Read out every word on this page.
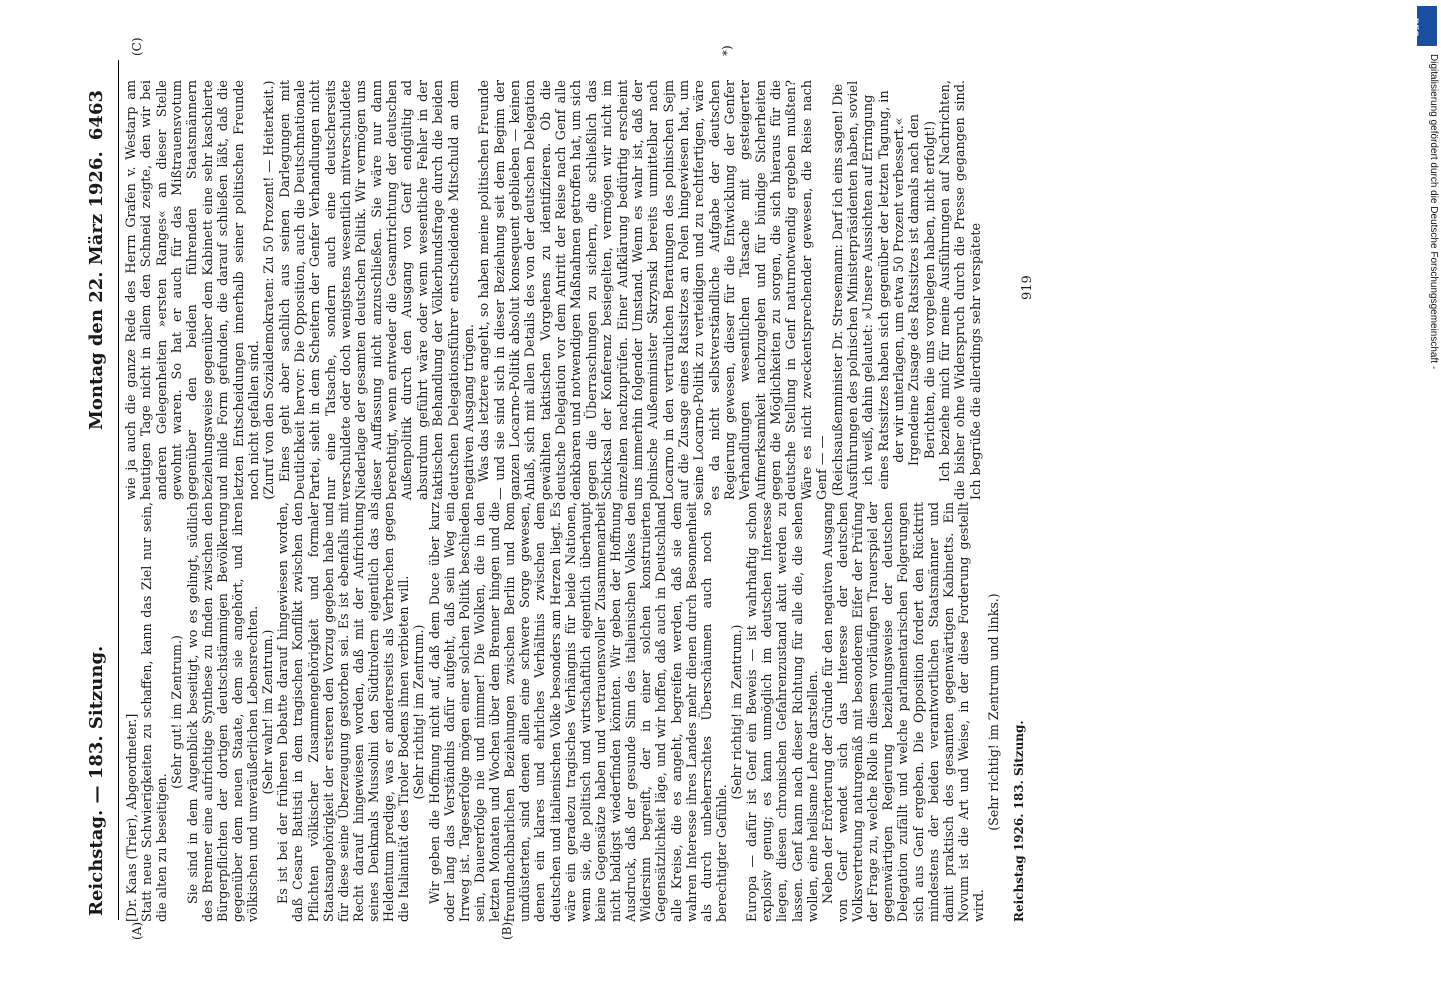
Reichstag. — 183. Sitzung.
Montag den 22. März 1926.
6463
(A)	(B)
(C)	*)

[Dr. Kaas (Trier), Abgeordneter.] Statt neue Schwierigkeiten zu schaffen, kann das Ziel nur sein, die alten zu beseitigen.

(Sehr gut! im Zentrum.) Sie sind in dem Augenblick beseitigt, wo es gelingt, südlich des Brenner eine aufrichtige Synthese zu finden zwischen den Bürgerpflichten der dortigen deutschstämmigen Bevölkerung gegenüber dem neuen Staate, dem sie angehört, und ihren völkischen und unveräußerlichen Lebensrechten. (Sehr wahr! im Zentrum.) Es ist bei der früheren Debatte darauf hingewiesen worden, daß Cesare Battisti in dem tragischen Konflikt zwischen den Pflichten völkischer Zusammengehörigkeit und formaler Staatsangehörigkeit der ersteren den Vorzug gegeben habe und für diese seine Überzeugung gestorben sei. Es ist ebenfalls mit Recht darauf hingewiesen worden, daß mit der Aufrichtung seines Denkmals Mussolini den Südtirolern eigentlich das als Heldentum predige, was er andererseits als Verbrechen gegen die Italianität des Tiroler Bodens ihnen verbieten will. (Sehr richtig! im Zentrum.) Wir geben die Hoffnung nicht auf, daß dem Duce über kurz oder lang das Verständnis dafür aufgeht, daß sein Weg ein Irrweg ist. Tageserfolge mögen einer solchen Politik beschieden sein, Dauererfolge nie und nimmer! Die Wolken, die in den letzten Monaten und Wochen über dem Brenner hingen und die freundnachbarlichen Beziehungen zwischen Berlin und Rom umdüsterten, sind denen allen eine schwere Sorge gewesen, denen ein klares und ehrliches Verhältnis zwischen dem deutschen und italienischen Volke besonders am Herzen liegt. Es wäre ein geradezu tragisches Verhängnis für beide Nationen, wenn sie, die politisch und wirtschaftlich eigentlich überhaupt keine Gegensätze haben und vertrauensvoller Zusammenarbeit nicht baldigst wiederfinden könnten. Wir geben der Hoffnung Ausdruck, daß der gesunde Sinn des italienischen Volkes den Widersinn begreift, der in einer solchen konstruierten Gegensätzlichkeit läge, und wir hoffen, daß auch in Deutschland alle Kreise, die es angeht, begreifen werden, daß sie dem wahren Interesse ihres Landes mehr dienen durch Besonnenheit als durch unbeherrschtes Überschäumen auch noch so berechtigter Gefühle.

(Sehr richtig! im Zentrum.) Europa — dafür ist Genf ein Beweis — ist wahrhaftig schon explosiv genug; es kann unmöglich im deutschen Interesse liegen, diesen chronischen Gefahrenzustand akut werden zu lassen. Genf kann nach dieser Richtung für alle die, die sehen wollen, eine heilsame Lehre darstellen. Neben der Erörterung der Gründe für den negativen Ausgang von Genf wendet sich das Interesse der deutschen Volksvertretung naturgemäß mit besonderem Eifer der Prüfung der Frage zu, welche Rolle in diesem vorläufigen Trauerspiel der gegenwärtigen Regierung beziehungsweise der deutschen Delegation zufällt und welche parlamentarischen Folgerungen sich aus Genf ergeben. Die Opposition fordert den Rücktritt mindestens der beiden verantwortlichen Staatsmänner und damit praktisch des gesamten gegenwärtigen Kabinetts. Ein Novum ist die Art und Weise, in der diese Forderung gestellt wird.

(Sehr richtig! im Zentrum und links.)

wie ja auch die ganze Rede des Herrn Grafen v. Westarp am heutigen Tage nicht in allem den Schneid zeigte, den wir bei anderen Gelegenheiten »ersten Ranges« an dieser Stelle gewohnt waren. So hat er auch für das Mißtrauensvotum gegenüber den beiden führenden Staatsmännern beziehungsweise gegenüber dem Kabinett eine sehr kaschierte und milde Form gefunden, die darauf schließen läßt, daß die letzten Entscheidungen innerhalb seiner politischen Freunde noch nicht gefallen sind. (Zuruf von den Sozialdemokraten: Zu 50 Prozent! — Heiterkeit.) Eines geht aber sachlich aus seinen Darlegungen mit Deutlichkeit hervor: Die Opposition, auch die Deutschnationale Partei, sieht in dem Scheitern der Genfer Verhandlungen nicht nur eine Tatsache, sondern auch eine deutscherseits verschuldete oder doch wenigstens wesentlich mitverschuldete Niederlage der gesamten deutschen Politik. Wir vermögen uns dieser Auffassung nicht anzuschließen. Sie wäre nur dann berechtigt, wenn entweder die Gesamtrichtung der deutschen Außenpolitik durch den Ausgang von Genf endgültig ad absurdum geführt wäre oder wenn wesentliche Fehler in der taktischen Behandlung der Völkerbundsfrage durch die beiden deutschen Delegationsführer entscheidende Mitschuld an dem negativen Ausgang trügen. Was das letztere angeht, so haben meine politischen Freunde — und sie sind sich in dieser Beziehung seit dem Beginn der ganzen Locarno-Politik absolut konsequent geblieben — keinen Anlaß, sich mit allen Details des von der deutschen Delegation gewählten taktischen Vorgehens zu identifizieren. Ob die deutsche Delegation vor dem Antritt der Reise nach Genf alle denkbaren und notwendigen Maßnahmen getroffen hat, um sich gegen die Überraschungen zu sichern, die schließlich das Schicksal der Konferenz besiegelten, vermögen wir nicht im einzelnen nachzuprüfen. Einer Aufklärung bedürftig erscheint uns immerhin folgender Umstand. Wenn es wahr ist, daß der polnische Außenminister Skrzynski bereits unmittelbar nach Locarno in den vertraulichen Beratungen des polnischen Sejm auf die Zusage eines Ratssitzes an Polen hingewiesen hat, um seine Locarno-Politik zu verteidigen und zu rechtfertigen, wäre es da nicht selbstverständliche Aufgabe der deutschen Regierung gewesen, dieser für die Entwicklung der Genfer Verhandlungen wesentlichen Tatsache mit gesteigerter Aufmerksamkeit nachzugehen und für bündige Sicherheiten gegen die Möglichkeiten zu sorgen, die sich hieraus für die deutsche Stellung in Genf naturnotwendig ergeben mußten? Wäre es nicht zweckentsprechender gewesen, die Reise nach Genf — — (Reichsaußenminister Dr. Stresemann: Darf ich eins sagen! Die Ausführungen des polnischen Ministerpräsidenten haben, soviel ich weiß, dahin gelautet: »Unsere Aussichten auf Erringung eines Ratssitzes haben sich gegenüber der letzten Tagung, in der wir unterlagen, um etwa 50 Prozent verbessert.« Irgendeine Zusage des Ratssitzes ist damals nach den Berichten, die uns vorgelegen haben, nicht erfolgt!) Ich beziehe mich für meine Ausführungen auf Nachrichten, die bisher ohne Widerspruch durch die Presse gegangen sind. Ich begrüße die allerdings sehr verspätete

Reichstag 1926. 183. Sitzung.
919
DFG
Digitalisierung gefördert durch die Deutsche Forschungsgemeinschaft -
